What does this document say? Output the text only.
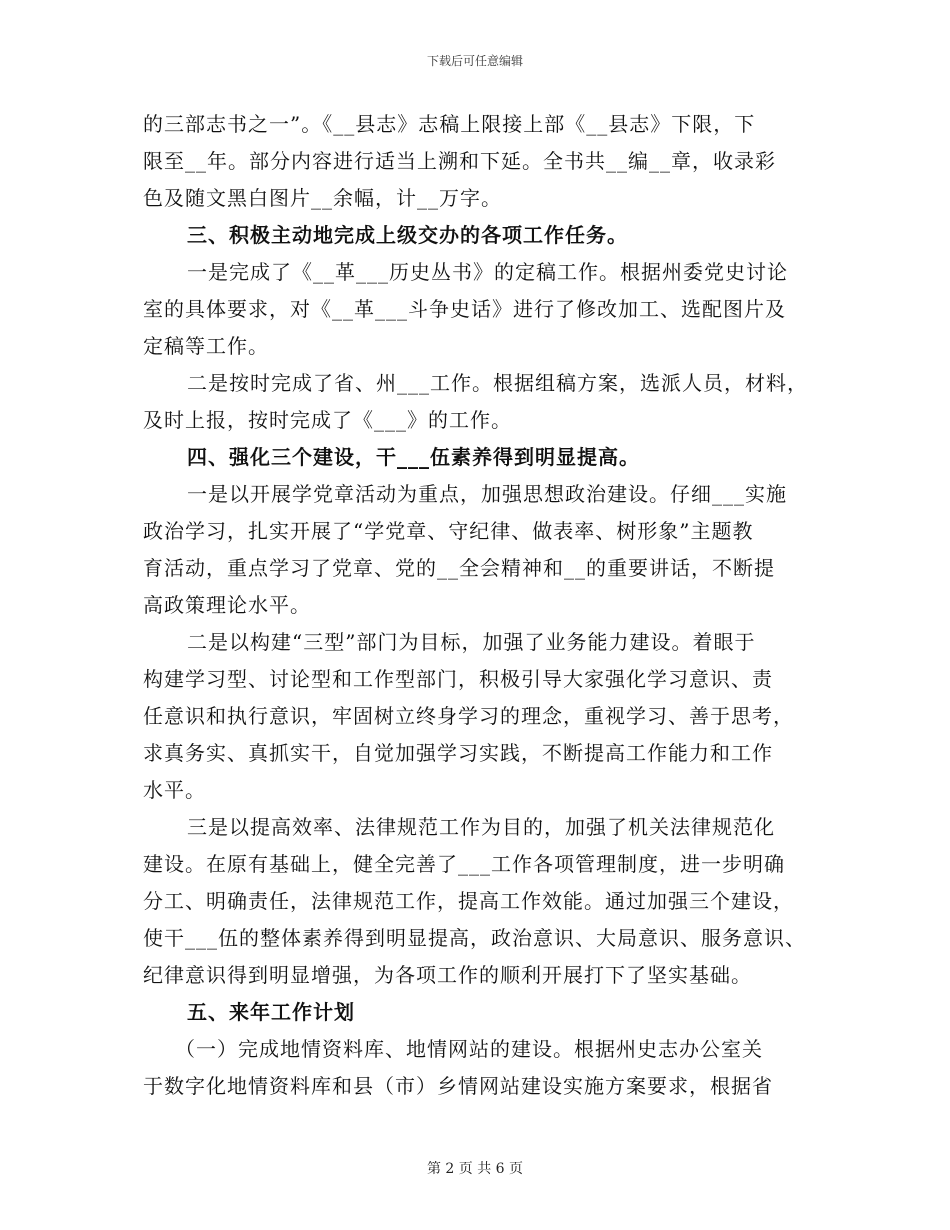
下载后可任意编辑
的三部志书之一”。《__县志》志稿上限接上部《__县志》下限，下
限至__年。部分内容进行适当上溯和下延。全书共__编__章，收录彩
色及随文黑白图片__余幅，计__万字。
三、积极主动地完成上级交办的各项工作任务。
一是完成了《__革___历史丛书》的定稿工作。根据州委党史讨论
室的具体要求，对《__革___斗争史话》进行了修改加工、选配图片及
定稿等工作。
二是按时完成了省、州___工作。根据组稿方案，选派人员，材料，
及时上报，按时完成了《___》的工作。
四、强化三个建设，干___伍素养得到明显提高。
一是以开展学党章活动为重点，加强思想政治建设。仔细___实施
政治学习，扎实开展了“学党章、守纪律、做表率、树形象”主题教
育活动，重点学习了党章、党的__全会精神和__的重要讲话，不断提
高政策理论水平。
二是以构建“三型”部门为目标，加强了业务能力建设。着眼于
构建学习型、讨论型和工作型部门，积极引导大家强化学习意识、责
任意识和执行意识，牢固树立终身学习的理念，重视学习、善于思考，
求真务实、真抓实干，自觉加强学习实践，不断提高工作能力和工作
水平。
三是以提高效率、法律规范工作为目的，加强了机关法律规范化
建设。在原有基础上，健全完善了___工作各项管理制度，进一步明确
分工、明确责任，法律规范工作，提高工作效能。通过加强三个建设，
使干___伍的整体素养得到明显提高，政治意识、大局意识、服务意识、
纪律意识得到明显增强，为各项工作的顺利开展打下了坚实基础。
五、来年工作计划
（一）完成地情资料库、地情网站的建设。根据州史志办公室关
于数字化地情资料库和县（市）乡情网站建设实施方案要求，根据省
第 2 页 共 6 页
